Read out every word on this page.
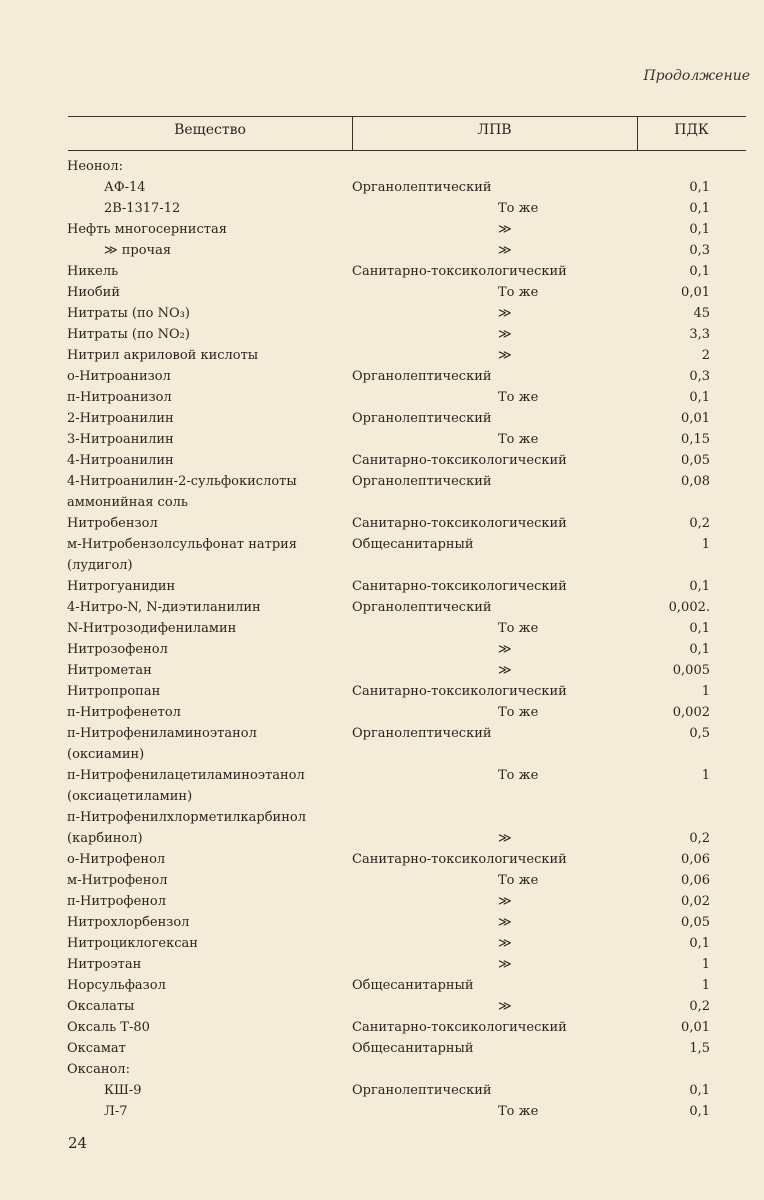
Продолжение
Вещество	ЛПВ	ПДК
Неонол:
АФ-14	Органолептический	0,1
2В-1317-12	То же	0,1
Нефть многосернистая	≫	0,1
≫ прочая	≫	0,3
Никель	Санитарно-токсикологический	0,1
Ниобий	То же	0,01
Нитраты (по NO₃)	≫	45
Нитраты (по NO₂)	≫	3,3
Нитрил акриловой кислоты	≫	2
о-Нитроанизол	Органолептический	0,3
п-Нитроанизол	То же	0,1
2-Нитроанилин	Органолептический	0,01
3-Нитроанилин	То же	0,15
4-Нитроанилин	Санитарно-токсикологический	0,05
4-Нитроанилин-2-сульфокислоты	Органолептический	0,08
аммонийная соль
Нитробензол	Санитарно-токсикологический	0,2
м-Нитробензолсульфонат натрия	Общесанитарный	1
(лудигол)
Нитрогуанидин	Санитарно-токсикологический	0,1
4-Нитро-N, N-диэтиланилин	Органолептический	0,002.
N-Нитрозодифениламин	То же	0,1
Нитрозофенол	≫	0,1
Нитрометан	≫	0,005
Нитропропан	Санитарно-токсикологический	1
п-Нитрофенетол	То же	0,002
п-Нитрофениламиноэтанол	Органолептический	0,5
(оксиамин)
п-Нитрофенилацетиламиноэтанол	То же	1
(оксиацетиламин)
п-Нитрофенилхлорметилкарбинол
(карбинол)	≫	0,2
о-Нитрофенол	Санитарно-токсикологический	0,06
м-Нитрофенол	То же	0,06
п-Нитрофенол	≫	0,02
Нитрохлорбензол	≫	0,05
Нитроциклогексан	≫	0,1
Нитроэтан	≫	1
Норсульфазол	Общесанитарный	1
Оксалаты	≫	0,2
Оксаль Т-80	Санитарно-токсикологический	0,01
Оксамат	Общесанитарный	1,5
Оксанол:
КШ-9	Органолептический	0,1
Л-7	То же	0,1
24
